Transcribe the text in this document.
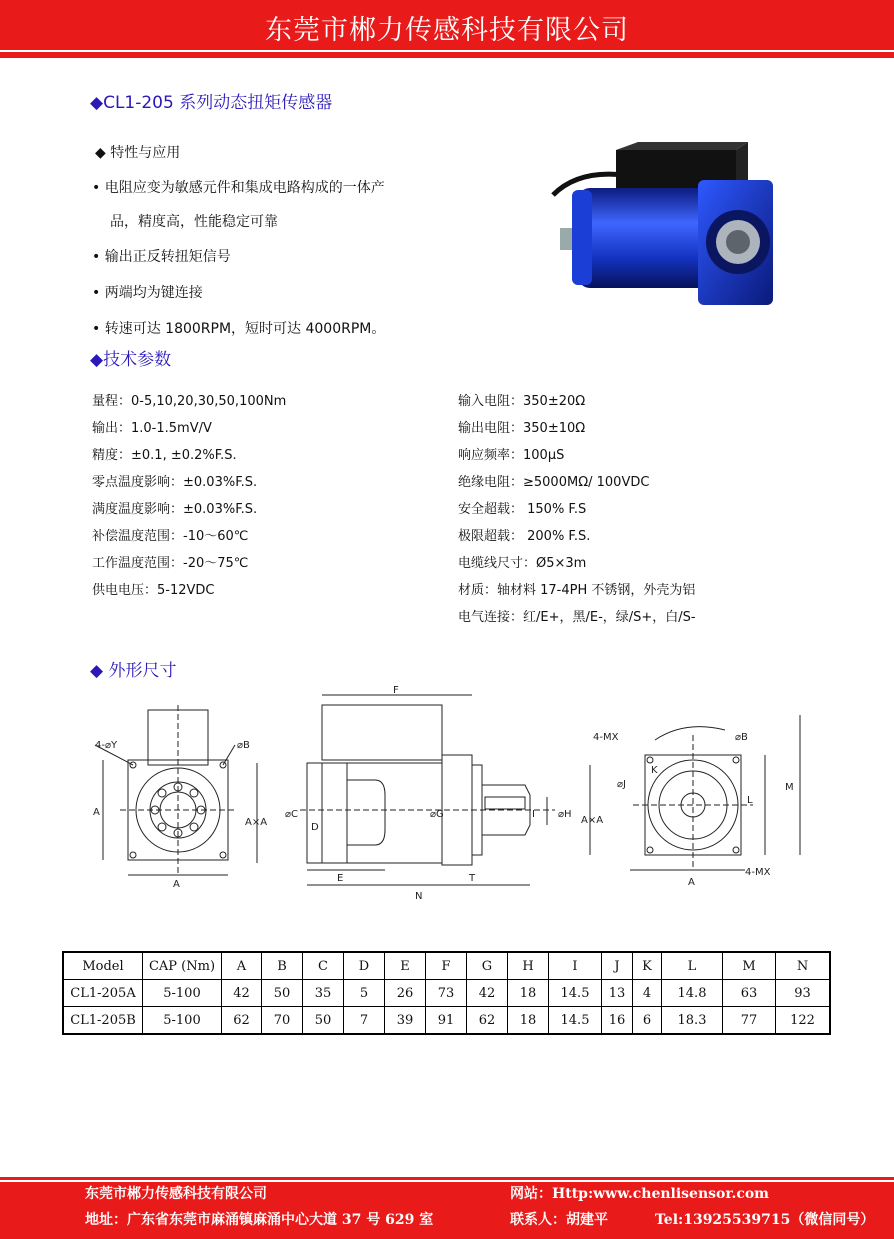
东莞市郴力传感科技有限公司
◆CL1-205 系列动态扭矩传感器
◆ 特性与应用
• 电阻应变为敏感元件和集成电路构成的一体产
品，精度高，性能稳定可靠
• 输出正反转扭矩信号
• 两端均为键连接
• 转速可达 1800RPM，短时可达 4000RPM。
◆技术参数
量程：0-5,10,20,30,50,100Nm
输出：1.0-1.5mV/V
精度：±0.1, ±0.2%F.S.
零点温度影响：±0.03%F.S.
满度温度影响：±0.03%F.S.
补偿温度范围：-10～60℃
工作温度范围：-20～75℃
供电电压：5-12VDC
输入电阻：350±20Ω
输出电阻：350±10Ω
响应频率：100μS
绝缘电阻：≥5000MΩ/ 100VDC
安全超载： 150% F.S
极限超载： 200% F.S.
电缆线尺寸：Ø5×3m
材质：轴材料 17-4PH 不锈钢，外壳为铝
电气连接：红/E+，黑/E-，绿/S+，白/S-
◆ 外形尺寸
4-⌀Y	⌀B
A
A
F
A×A
⌀C
D
E
⌀G	I ⌀H
A×A
N
T
4-MX	⌀B
K
⌀J
L
M
A
4-MX
Model	CAP (Nm)	A	B	C	D	E	F	G	H	I	J	K	L	M	N
CL1-205A	5-100	42	50	35	5	26	73	42	18	14.5	13	4	14.8	63	93
CL1-205B	5-100	62	70	50	7	39	91	62	18	14.5	16	6	18.3	77	122
东莞市郴力传感科技有限公司	网站：Http:www.chenlisensor.com
地址：广东省东莞市麻涌镇麻涌中心大道 37 号 629 室	联系人：胡建平	Tel:13925539715（微信同号）
